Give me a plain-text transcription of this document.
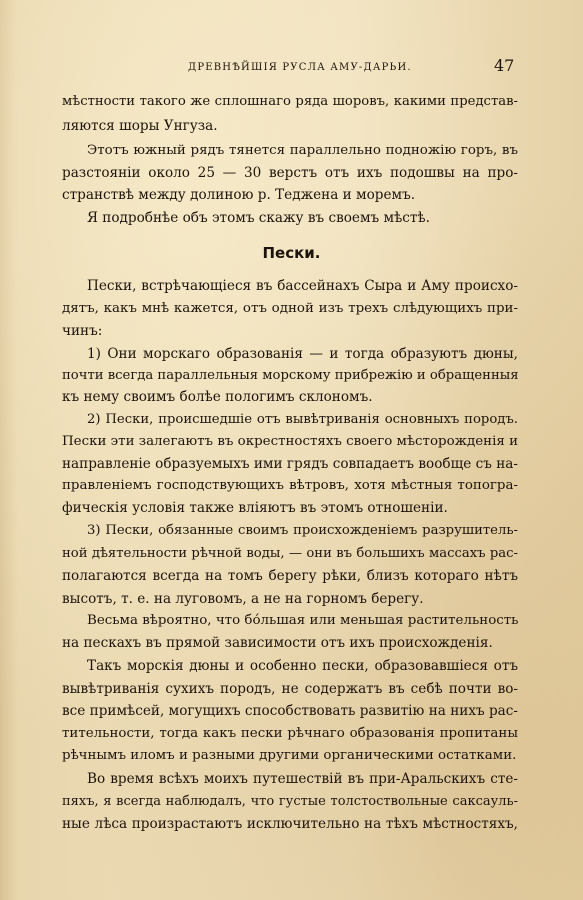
ДРЕВНѢЙШІЯ РУСЛА АМУ-ДАРЬИ.	47
мѣстности такого же сплошнаго ряда шоровъ, какими представ-
ляются шоры Унгуза.
Этотъ южный рядъ тянется параллельно подножію горъ, въ
разстояніи около 25 — 30 верстъ отъ ихъ подошвы на про-
странствѣ между долиною р. Теджена и моремъ.
Я подробнѣе объ этомъ скажу въ своемъ мѣстѣ.
Пески.
Пески, встрѣчающіеся въ бассейнахъ Сыра и Аму происхо-
дятъ, какъ мнѣ кажется, отъ одной изъ трехъ слѣдующихъ при-
чинъ:
1) Они морскаго образованія — и тогда образуютъ дюны,
почти всегда параллельныя морскому прибрежію и обращенныя
къ нему своимъ болѣе пологимъ склономъ.
2) Пески, происшедшіе отъ вывѣтриванія основныхъ породъ.
Пески эти залегаютъ въ окрестностяхъ своего мѣсторожденія и
направленіе образуемыхъ ими грядъ совпадаетъ вообще съ на-
правленіемъ господствующихъ вѣтровъ, хотя мѣстныя топогра-
фическія условія также вліяютъ въ этомъ отношеніи.
3) Пески, обязанные своимъ происхожденіемъ разрушитель-
ной дѣятельности рѣчной воды, — они въ большихъ массахъ рас-
полагаются всегда на томъ берегу рѣки, близъ котораго нѣтъ
высотъ, т. е. на луговомъ, а не на горномъ берегу.
Весьма вѣроятно, что бо́льшая или меньшая растительность
на пескахъ въ прямой зависимости отъ ихъ происхожденія.
Такъ морскія дюны и особенно пески, образовавшіеся отъ
вывѣтриванія сухихъ породъ, не содержатъ въ себѣ почти во-
все примѣсей, могущихъ способствовать развитію на нихъ рас-
тительности, тогда какъ пески рѣчнаго образованія пропитаны
рѣчнымъ иломъ и разными другими органическими остатками.
Во время всѣхъ моихъ путешествій въ при-Аральскихъ сте-
пяхъ, я всегда наблюдалъ, что густые толстоствольные саксауль-
ные лѣса произрастаютъ исключительно на тѣхъ мѣстностяхъ,
